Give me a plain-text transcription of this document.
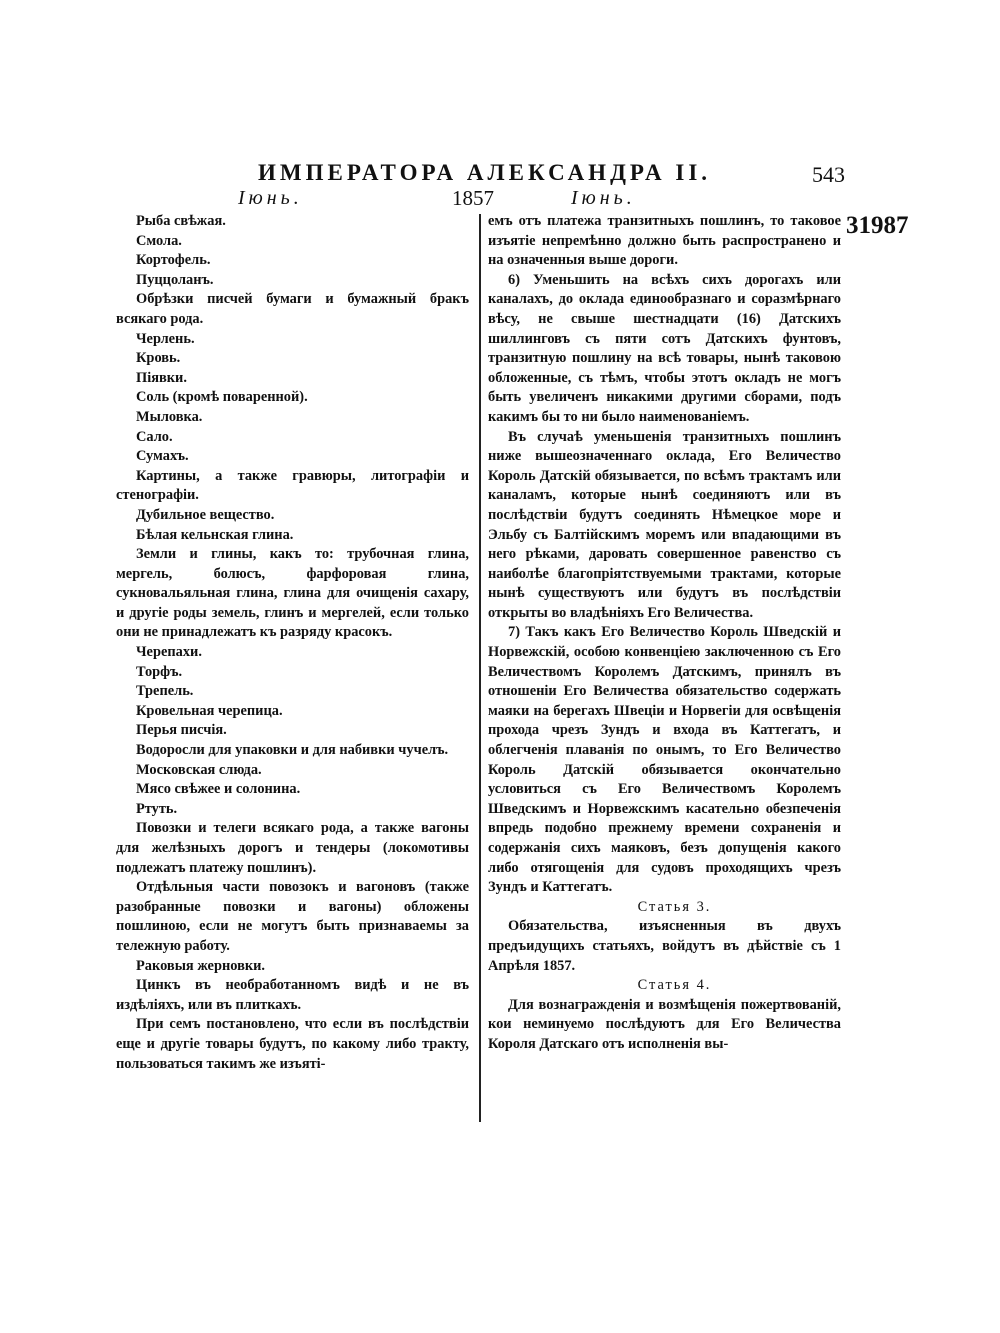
ИМПЕРАТОРА АЛЕКСАНДРА II.	543
Іюнь.	1857	Іюнь.
31987

Рыба свѣжая.

Смола.

Кортофель.

Пуццоланъ.

Обрѣзки писчей бумаги и бумажный бракъ всякаго рода.

Черлень.

Кровь.

Піявки.

Соль (кромѣ поваренной).

Мыловка.

Сало.

Сумахъ.

Картины, а также гравюры, литографіи и стенографіи.

Дубильное вещество.

Бѣлая кельнская глина.

Земли и глины, какъ то: трубочная глина, мергель, болюсъ, фарфоровая глина, сукновальяльная глина, глина для очищенія сахару, и другіе роды земель, глинъ и мергелей, если только они не принадлежатъ къ разряду красокъ.

Черепахи.

Торфъ.

Трепель.

Кровельная черепица.

Перья писчія.

Водоросли для упаковки и для набивки чучелъ.

Московская слюда.

Мясо свѣжее и солонина.

Ртуть.

Повозки и телеги всякаго рода, а также вагоны для желѣзныхъ дорогъ и тендеры (локомотивы подлежатъ платежу пошлинъ).

Отдѣльныя части повозокъ и вагоновъ (также разобранные повозки и вагоны) обложены пошлиною, если не могутъ быть признаваемы за тележную работу.

Раковыя жерновки.

Цинкъ въ необработанномъ видѣ и не въ издѣліяхъ, или въ плиткахъ.

При семъ постановлено, что если въ послѣдствіи еще и другіе товары будутъ, по какому либо тракту, пользоваться такимъ же изъяті-

емъ отъ платежа транзитныхъ пошлинъ, то таковое изъятіе непремѣнно должно быть распространено и на означенныя выше дороги.

6) Уменьшить на всѣхъ сихъ дорогахъ или каналахъ, до оклада единообразнаго и соразмѣрнаго вѣсу, не свыше шестнадцати (16) Датскихъ шиллинговъ съ пяти сотъ Датскихъ фунтовъ, транзитную пошлину на всѣ товары, нынѣ таковою обложенные, съ тѣмъ, чтобы этотъ окладъ не могъ быть увеличенъ никакими другими сборами, подъ какимъ бы то ни было наименованіемъ.

Въ случаѣ уменьшенія транзитныхъ пошлинъ ниже вышеозначеннаго оклада, Его Величество Король Датскій обязывается, по всѣмъ трактамъ или каналамъ, которые нынѣ соединяютъ или въ послѣдствіи будутъ соединять Нѣмецкое море и Эльбу съ Балтійскимъ моремъ или впадающими въ него рѣками, даровать совершенное равенство съ наиболѣе благопріятствуемыми трактами, которые нынѣ существуютъ или будутъ въ послѣдствіи открыты во владѣніяхъ Его Величества.

7) Такъ какъ Его Величество Король Шведскій и Норвежскій, особою конвенціею заключенною съ Его Величествомъ Королемъ Датскимъ, принялъ въ отношеніи Его Величества обязательство содержать маяки на берегахъ Швеціи и Норвегіи для освѣщенія прохода чрезъ Зундъ и входа въ Каттегатъ, и облегченія плаванія по онымъ, то Его Величество Король Датскій обязывается окончательно условиться съ Его Величествомъ Королемъ Шведскимъ и Норвежскимъ касательно обезпеченія впредь подобно прежнему времени сохраненія и содержанія сихъ маяковъ, безъ допущенія какого либо отягощенія для судовъ проходящихъ чрезъ Зундъ и Каттегатъ.

Статья 3.

Обязательства, изъясненныя въ двухъ предъидущихъ статьяхъ, войдутъ въ дѣйствіе съ 1 Апрѣля 1857.

Статья 4.

Для вознагражденія и возмѣщенія пожертвованій, кои неминуемо послѣдуютъ для Его Величества Короля Датскаго отъ исполненія вы-
